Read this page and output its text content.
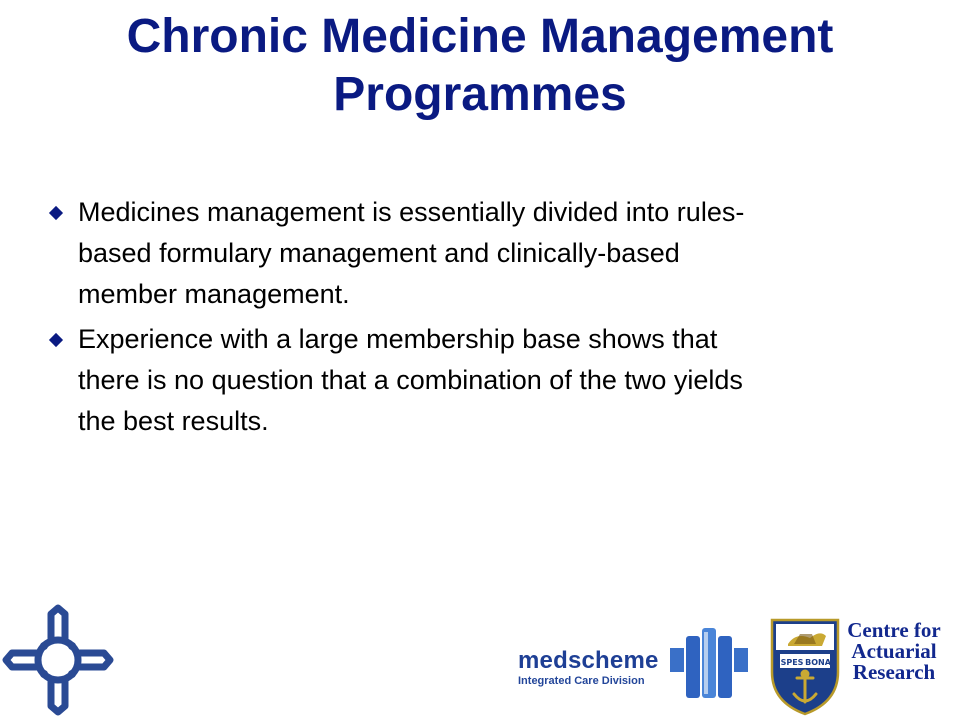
Chronic Medicine Management
Programmes
Medicines management is essentially divided into rules-
based formulary management and clinically-based
member management.
Experience with a large membership base shows that
there is no question that a combination of the two yields
the best results.
medscheme
Integrated Care Division
SPES BONA
Centre for
Actuarial
Research
